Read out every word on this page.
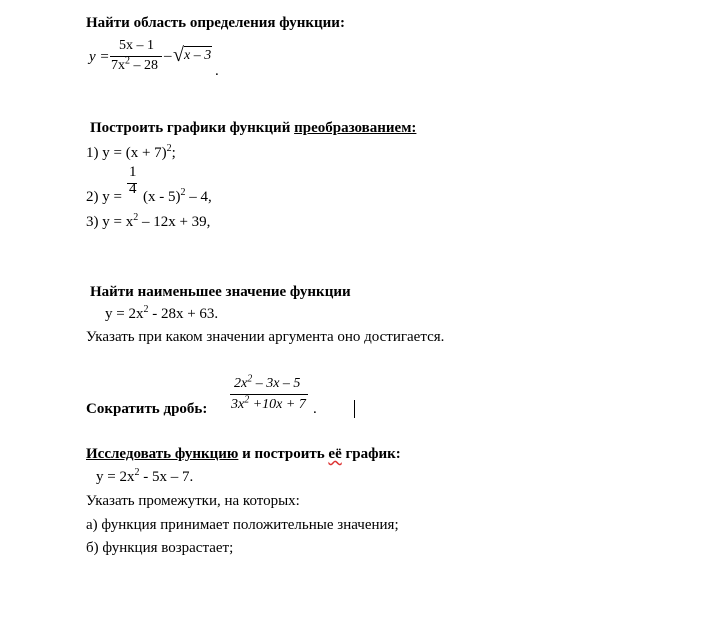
Найти область определения функции:
y =
5x – 1
$7x^2 - 28$
– √ x – 3
.
Построить графики функций преобразованием:
1) $y = (x + 7)^2$;
1
4
2) y = (x - 5)$^2$ – 4,
3) $y = x^2 - 12x + 39$,
Найти наименьшее значение функции
$y = 2x^2 - 28x + 63$.
Указать при каком значении аргумента оно достигается.
Сократить дробь:
$2x^2 - 3x - 5$
$3x^2 +10x + 7$ .
Исследовать функцию и построить её график:
$y = 2x^2 - 5x - 7$.
Указать промежутки, на которых:
а) функция принимает положительные значения;
б) функция возрастает;
